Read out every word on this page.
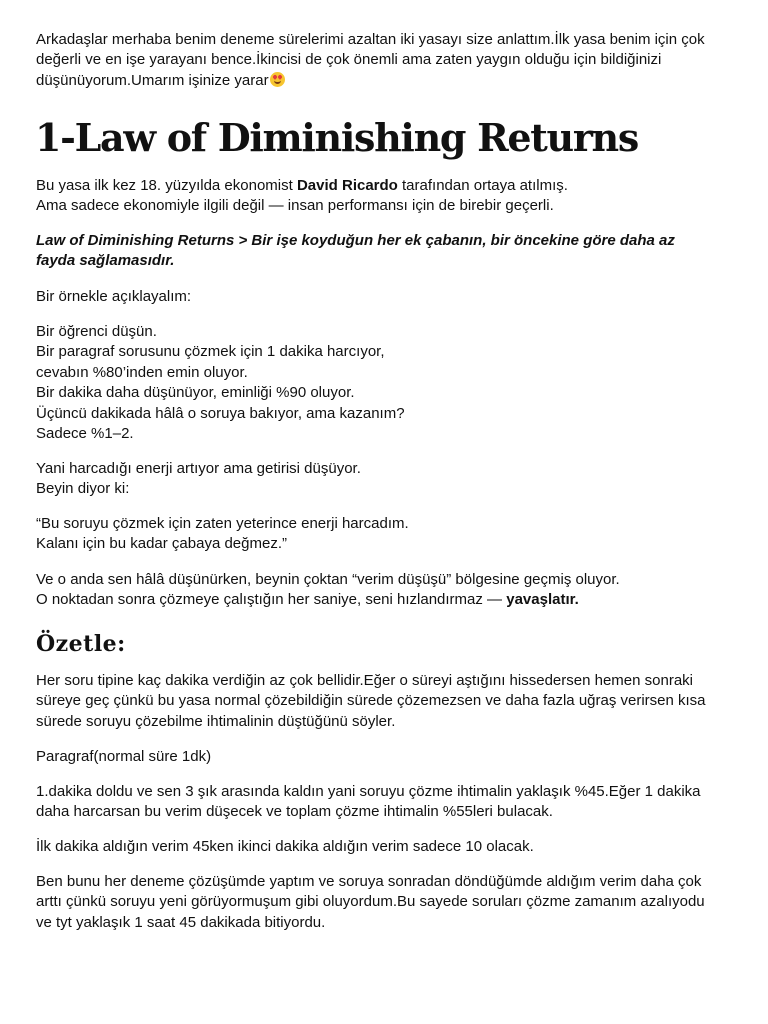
Arkadaşlar merhaba benim deneme sürelerimi azaltan iki yasayı size anlattım.İlk yasa benim için çok
değerli ve en işe yarayanı bence.İkincisi de çok önemli ama zaten yaygın olduğu için bildiğinizi
düşünüyorum.Umarım işinize yarar

1-Law of Diminishing Returns

Bu yasa ilk kez 18. yüzyılda ekonomist David Ricardo tarafından ortaya atılmış.
Ama sadece ekonomiyle ilgili değil — insan performansı için de birebir geçerli.

Law of Diminishing Returns > Bir işe koyduğun her ek çabanın, bir öncekine göre daha az
fayda sağlamasıdır.

Bir örnekle açıklayalım:

Bir öğrenci düşün.
Bir paragraf sorusunu çözmek için 1 dakika harcıyor,
cevabın %80’inden emin oluyor.
Bir dakika daha düşünüyor, eminliği %90 oluyor.
Üçüncü dakikada hâlâ o soruya bakıyor, ama kazanım?
Sadece %1–2.

Yani harcadığı enerji artıyor ama getirisi düşüyor.
Beyin diyor ki:

“Bu soruyu çözmek için zaten yeterince enerji harcadım.
Kalanı için bu kadar çabaya değmez.”

Ve o anda sen hâlâ düşünürken, beynin çoktan “verim düşüşü” bölgesine geçmiş oluyor.
O noktadan sonra çözmeye çalıştığın her saniye, seni hızlandırmaz — yavaşlatır.

Özetle:

Her soru tipine kaç dakika verdiğin az çok bellidir.Eğer o süreyi aştığını hissedersen hemen sonraki
süreye geç çünkü bu yasa normal çözebildiğin sürede çözemezsen ve daha fazla uğraş verirsen kısa
sürede soruyu çözebilme ihtimalinin düştüğünü söyler.

Paragraf(normal süre 1dk)

1.dakika doldu ve sen 3 şık arasında kaldın yani soruyu çözme ihtimalin yaklaşık %45.Eğer 1 dakika
daha harcarsan bu verim düşecek ve toplam çözme ihtimalin %55leri bulacak.

İlk dakika aldığın verim 45ken ikinci dakika aldığın verim sadece 10 olacak.

Ben bunu her deneme çözüşümde yaptım ve soruya sonradan döndüğümde aldığım verim daha çok
arttı çünkü soruyu yeni görüyormuşum gibi oluyordum.Bu sayede soruları çözme zamanım azalıyodu
ve tyt yaklaşık 1 saat 45 dakikada bitiyordu.
